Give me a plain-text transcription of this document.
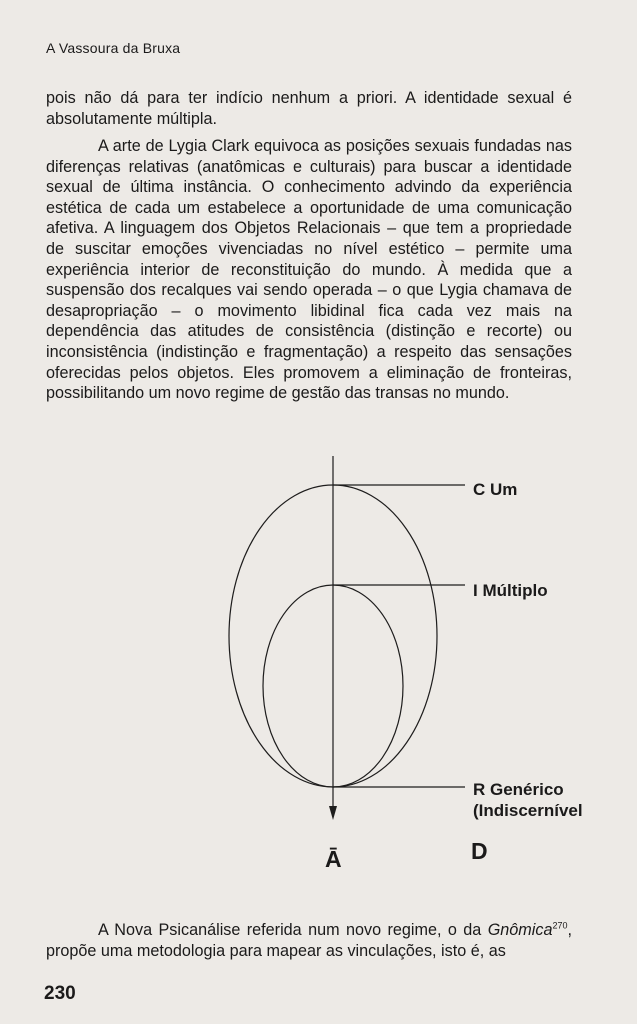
A Vassoura da Bruxa

pois não dá para ter indício nenhum a priori. A identidade sexual é absolutamente múltipla.

A arte de Lygia Clark equivoca as posições sexuais fundadas nas diferenças relativas (anatômicas e culturais) para buscar a identidade sexual de última instância. O conhecimento advindo da experiência estética de cada um estabelece a oportunidade de uma comunicação afetiva. A linguagem dos Objetos Relacionais – que tem a propriedade de suscitar emoções vivenciadas no nível estético – permite uma experiência interior de reconstituição do mundo. À medida que a suspensão dos recalques vai sendo operada – o que Lygia chamava de desapropriação – o movimento libidinal fica cada vez mais na dependência das atitudes de consistência (distinção e recorte) ou inconsistência (indistinção e fragmentação) a respeito das sensações oferecidas pelos objetos. Eles promovem a eliminação de fronteiras, possibilitando um novo regime de gestão das transas no mundo.

C Um
I Múltiplo
R Genérico
(Indiscernível
Ā	D

A Nova Psicanálise referida num novo regime, o da Gnômica$^{270}$, propõe uma metodologia para mapear as vinculações, isto é, as

230
